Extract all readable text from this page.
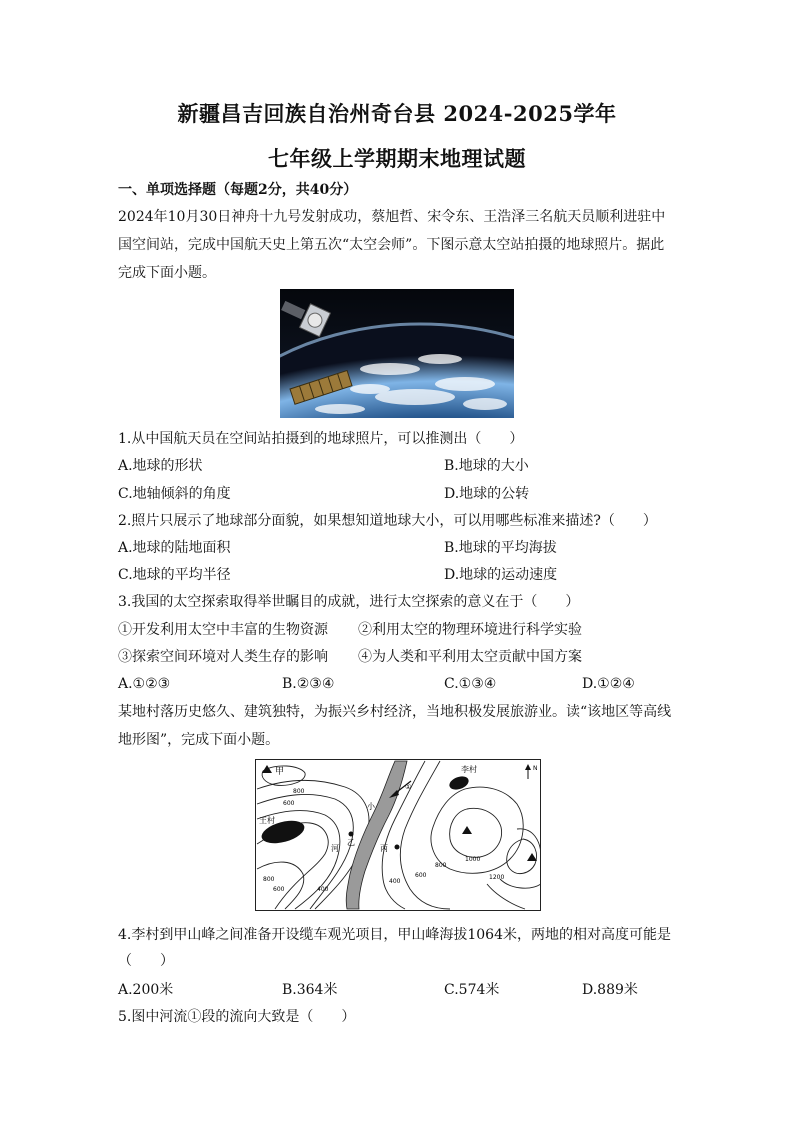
新疆昌吉回族自治州奇台县 2024-2025学年
七年级上学期期末地理试题
一、单项选择题（每题2分，共40分）
2024年10月30日神舟十九号发射成功，蔡旭哲、宋令东、王浩泽三名航天员顺利进驻中国空间站，完成中国航天史上第五次“太空会师”。下图示意太空站拍摄的地球照片。据此完成下面小题。
1.从中国航天员在空间站拍摄到的地球照片，可以推测出（　　）
A.地球的形状	B.地球的大小
C.地轴倾斜的角度	D.地球的公转
2.照片只展示了地球部分面貌，如果想知道地球大小，可以用哪些标准来描述?（　　）
A.地球的陆地面积	B.地球的平均海拔
C.地球的平均半径	D.地球的运动速度
3.我国的太空探索取得举世瞩目的成就，进行太空探索的意义在于（　　）
①开发利用太空中丰富的生物资源 ②利用太空的物理环境进行科学实验
③探索空间环境对人类生存的影响 ④为人类和平利用太空贡献中国方案
A.①②③	B.②③④	C.①③④	D.①②④
某地村落历史悠久、建筑独特，为振兴乡村经济，当地积极发展旅游业。读“该地区等高线地形图”，完成下面小题。
甲	李村
王村
乙
丙
小
河
N
①
800
600
800
600	400
400
600
800
1000
1200
4.李村到甲山峰之间准备开设缆车观光项目，甲山峰海拔1064米，两地的相对高度可能是
（　　）
A.200米	B.364米	C.574米	D.889米
5.图中河流①段的流向大致是（　　）
